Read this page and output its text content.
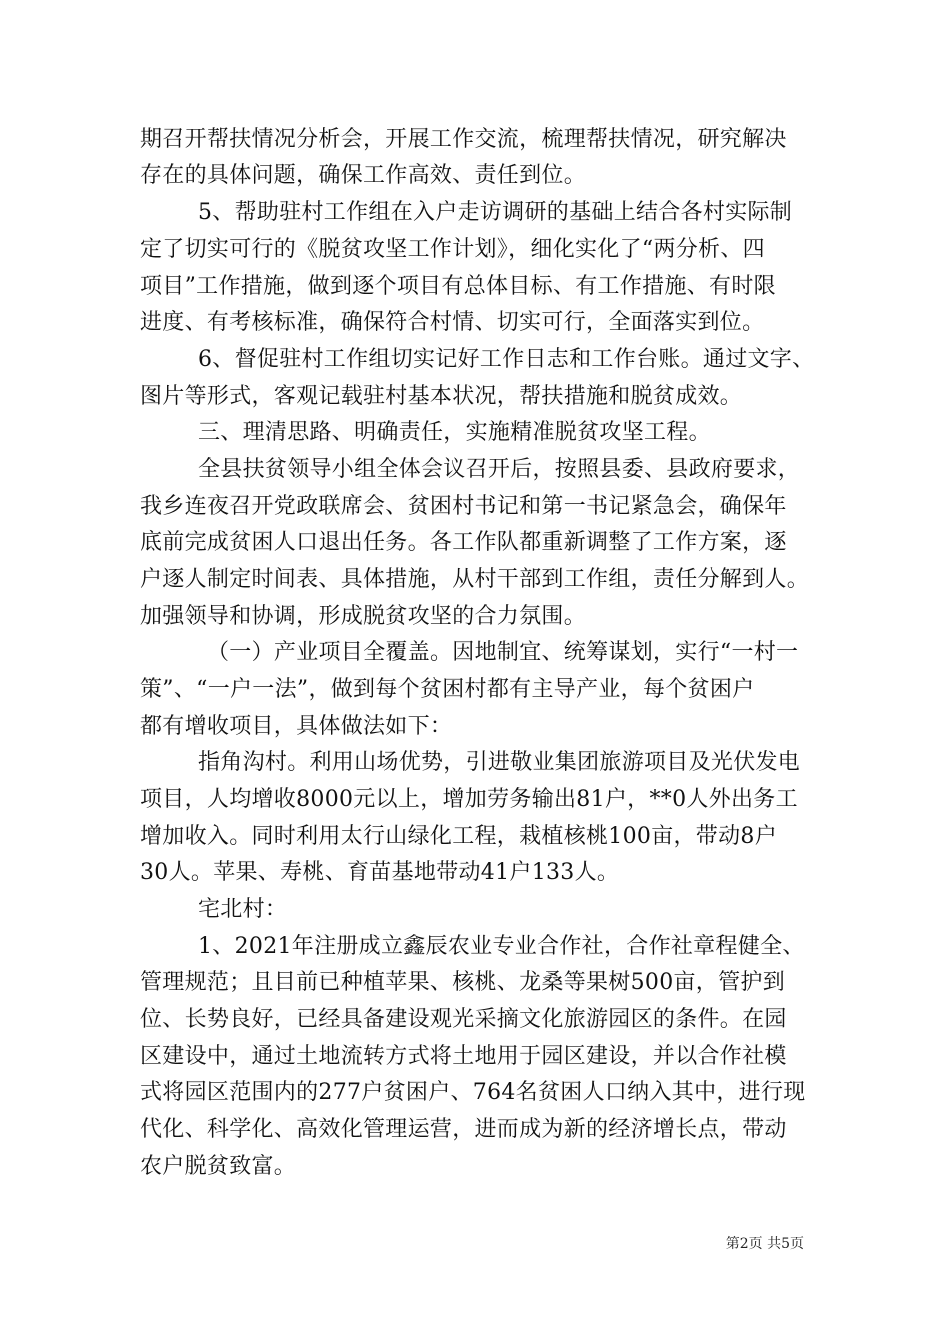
期召开帮扶情况分析会，开展工作交流，梳理帮扶情况，研究解决
存在的具体问题，确保工作高效、责任到位。
5、帮助驻村工作组在入户走访调研的基础上结合各村实际制
定了切实可行的《脱贫攻坚工作计划》，细化实化了“两分析、四
项目”工作措施，做到逐个项目有总体目标、有工作措施、有时限
进度、有考核标准，确保符合村情、切实可行，全面落实到位。
6、督促驻村工作组切实记好工作日志和工作台账。通过文字、
图片等形式，客观记载驻村基本状况，帮扶措施和脱贫成效。
三、理清思路、明确责任，实施精准脱贫攻坚工程。
全县扶贫领导小组全体会议召开后，按照县委、县政府要求，
我乡连夜召开党政联席会、贫困村书记和第一书记紧急会，确保年
底前完成贫困人口退出任务。各工作队都重新调整了工作方案，逐
户逐人制定时间表、具体措施，从村干部到工作组，责任分解到人。
加强领导和协调，形成脱贫攻坚的合力氛围。
（一）产业项目全覆盖。因地制宜、统筹谋划，实行“一村一
策”、“一户一法”，做到每个贫困村都有主导产业，每个贫困户
都有增收项目，具体做法如下：
指角沟村。利用山场优势，引进敬业集团旅游项目及光伏发电
项目，人均增收8000元以上，增加劳务输出81户，**0人外出务工
增加收入。同时利用太行山绿化工程，栽植核桃100亩，带动8户
30人。苹果、寿桃、育苗基地带动41户133人。
宅北村：
1、2021年注册成立鑫辰农业专业合作社，合作社章程健全、
管理规范；且目前已种植苹果、核桃、龙桑等果树500亩，管护到
位、长势良好，已经具备建设观光采摘文化旅游园区的条件。在园
区建设中，通过土地流转方式将土地用于园区建设，并以合作社模
式将园区范围内的277户贫困户、764名贫困人口纳入其中，进行现
代化、科学化、高效化管理运营，进而成为新的经济增长点，带动
农户脱贫致富。
第2页 共5页
